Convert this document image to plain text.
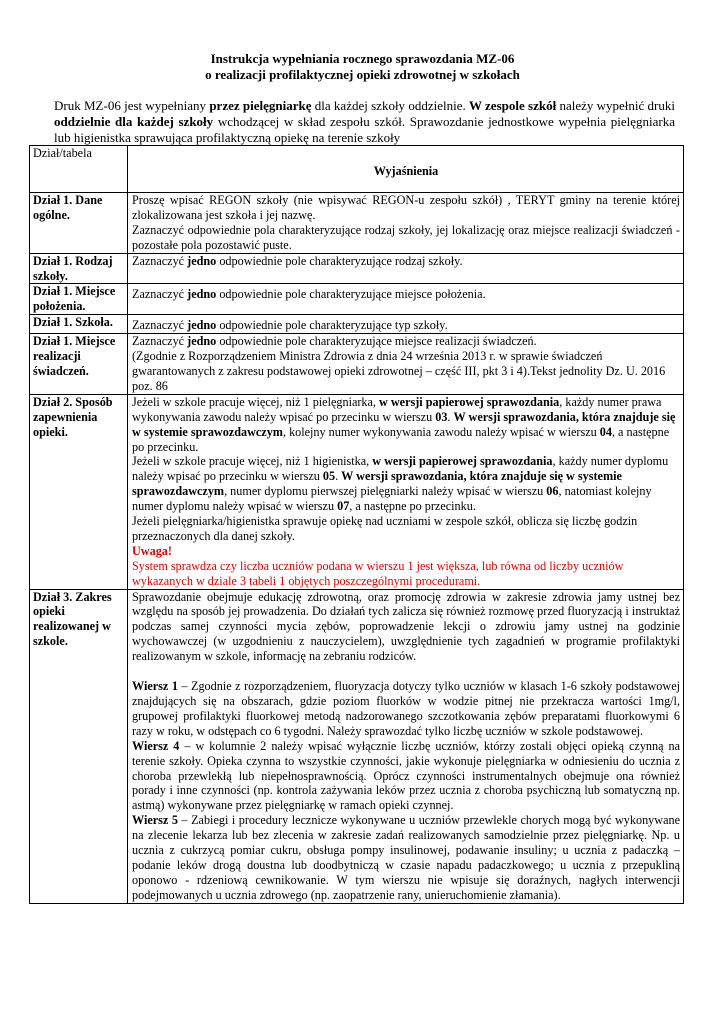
Instrukcja wypełniania rocznego sprawozdania MZ-06
o realizacji profilaktycznej opieki zdrowotnej w szkołach

Druk MZ-06 jest wypełniany przez pielęgniarkę dla każdej szkoły oddzielnie. W zespole szkół należy wypełnić druki oddzielnie dla każdej szkoły wchodzącej w skład zespołu szkół. Sprawozdanie jednostkowe wypełnia pielęgniarka lub higienistka sprawująca profilaktyczną opiekę na terenie szkoły

Dział/tabela	Wyjaśnienia
Dział 1. Dane ogólne.	Proszę wpisać REGON szkoły (nie wpisywać REGON-u zespołu szkół) , TERYT gminy na terenie której zlokalizowana jest szkoła i jej nazwę.

Zaznaczyć odpowiednie pola charakteryzujące rodzaj szkoły, jej lokalizację oraz miejsce realizacji świadczeń - pozostałe pola pozostawić puste.

Dział 1. Rodzaj szkoły.	Zaznaczyć jedno odpowiednie pole charakteryzujące rodzaj szkoły.
Dział 1. Miejsce położenia.	Zaznaczyć jedno odpowiednie pole charakteryzujące miejsce położenia.
Dział 1. Szkoła.	Zaznaczyć jedno odpowiednie pole charakteryzujące typ szkoły.
Dział 1. Miejsce realizacji świadczeń.	Zaznaczyć jedno odpowiednie pole charakteryzujące miejsce realizacji świadczeń.

(Zgodnie z Rozporządzeniem Ministra Zdrowia z dnia 24 września 2013 r. w sprawie świadczeń gwarantowanych z zakresu podstawowej opieki zdrowotnej – część III, pkt 3 i 4).Tekst jednolity Dz. U. 2016 poz. 86

Dział 2. Sposób zapewnienia opieki.	Jeżeli w szkole pracuje więcej, niż 1 pielęgniarka, w wersji papierowej sprawozdania, każdy numer prawa wykonywania zawodu należy wpisać po przecinku w wierszu 03. W wersji sprawozdania, która znajduje się w systemie sprawozdawczym, kolejny numer wykonywania zawodu należy wpisać w wierszu 04, a następne po przecinku.

Jeżeli w szkole pracuje więcej, niż 1 higienistka, w wersji papierowej sprawozdania, każdy numer dyplomu należy wpisać po przecinku w wierszu 05. W wersji sprawozdania, która znajduje się w systemie sprawozdawczym, numer dyplomu pierwszej pielęgniarki należy wpisać w wierszu 06, natomiast kolejny numer dyplomu należy wpisać w wierszu 07, a następne po przecinku.

Jeżeli pielęgniarka/higienistka sprawuje opiekę nad uczniami w zespole szkół, oblicza się liczbę godzin przeznaczonych dla danej szkoły.

Uwaga!

System sprawdza czy liczba uczniów podana w wierszu 1 jest większa, lub równa od liczby uczniów wykazanych w dziale 3 tabeli 1 objętych poszczególnymi procedurami.

Dział 3. Zakres opieki realizowanej w szkole.	Sprawozdanie obejmuje edukację zdrowotną, oraz promocję zdrowia w zakresie zdrowia jamy ustnej bez względu na sposób jej prowadzenia. Do działań tych zalicza się również rozmowę przed fluoryzacją i instruktaż podczas samej czynności mycia zębów, poprowadzenie lekcji o zdrowiu jamy ustnej na godzinie wychowawczej (w uzgodnieniu z nauczycielem), uwzględnienie tych zagadnień w programie profilaktyki realizowanym w szkole, informację na zebraniu rodziców.

Wiersz 1 – Zgodnie z rozporządzeniem, fluoryzacja dotyczy tylko uczniów w klasach 1-6 szkoły podstawowej znajdujących się na obszarach, gdzie poziom fluorków w wodzie pitnej nie przekracza wartości 1mg/l, grupowej profilaktyki fluorkowej metodą nadzorowanego szczotkowania zębów preparatami fluorkowymi 6 razy w roku, w odstępach co 6 tygodni. Należy sprawozdać tylko liczbę uczniów w szkole podstawowej.

Wiersz 4 – w kolumnie 2 należy wpisać wyłącznie liczbę uczniów, którzy zostali objęci opieką czynną na terenie szkoły. Opieka czynna to wszystkie czynności, jakie wykonuje pielęgniarka w odniesieniu do ucznia z choroba przewlekłą lub niepełnosprawnością. Oprócz czynności instrumentalnych obejmuje ona również porady i inne czynności (np. kontrola zażywania leków przez ucznia z choroba psychiczną lub somatyczną np. astmą) wykonywane przez pielęgniarkę w ramach opieki czynnej.

Wiersz 5 – Zabiegi i procedury lecznicze wykonywane u uczniów przewlekle chorych mogą być wykonywane na zlecenie lekarza lub bez zlecenia w zakresie zadań realizowanych samodzielnie przez pielęgniarkę. Np. u ucznia z cukrzycą pomiar cukru, obsługa pompy insulinowej, podawanie insuliny; u ucznia z padaczką – podanie leków drogą doustna lub doodbytniczą w czasie napadu padaczkowego; u ucznia z przepukliną oponowo - rdzeniową cewnikowanie. W tym wierszu nie wpisuje się doraźnych, nagłych interwencji podejmowanych u ucznia zdrowego (np. zaopatrzenie rany, unieruchomienie złamania).
